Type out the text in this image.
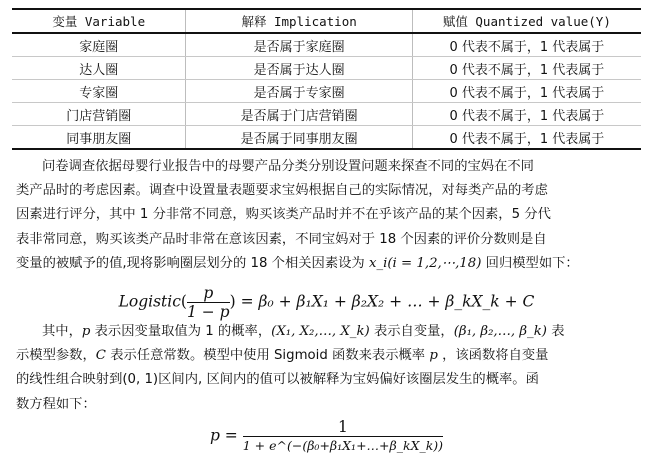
变量 Variable	解释 Implication	赋值 Quantized value(Y)
家庭圈	是否属于家庭圈	0 代表不属于，1 代表属于
达人圈	是否属于达人圈	0 代表不属于，1 代表属于
专家圈	是否属于专家圈	0 代表不属于，1 代表属于
门店营销圈	是否属于门店营销圈	0 代表不属于，1 代表属于
同事朋友圈	是否属于同事朋友圈	0 代表不属于，1 代表属于
问卷调查依据母婴行业报告中的母婴产品分类分别设置问题来探查不同的宝妈在不同
类产品时的考虑因素。调查中设置量表题要求宝妈根据自己的实际情况，对每类产品的考虑
因素进行评分，其中 1 分非常不同意，购买该类产品时并不在乎该产品的某个因素，5 分代
表非常同意，购买该类产品时非常在意该因素，不同宝妈对于 18 个因素的评价分数则是自
变量的被赋予的值,现将影响圈层划分的 18 个相关因素设为 x_i(i = 1,2,⋯,18) 回归模型如下：
Logistic( $\frac{p}{1 - p}$ ) = β₀ + β₁X₁ + β₂X₂ + … + β_kX_k + C
其中，p 表示因变量取值为 1 的概率，(X₁, X₂,…, X_k) 表示自变量，(β₁, β₂,…, β_k) 表
示模型参数，C 表示任意常数。模型中使用 Sigmoid 函数来表示概率 p ，该函数将自变量
的线性组合映射到(0, 1)区间内, 区间内的值可以被解释为宝妈偏好该圈层发生的概率。函
数方程如下：
$p = \frac{1}{\text{1 + e\textasciicircum{}(−(β₀+β₁X₁+…+β\_kX\_k))}}$
